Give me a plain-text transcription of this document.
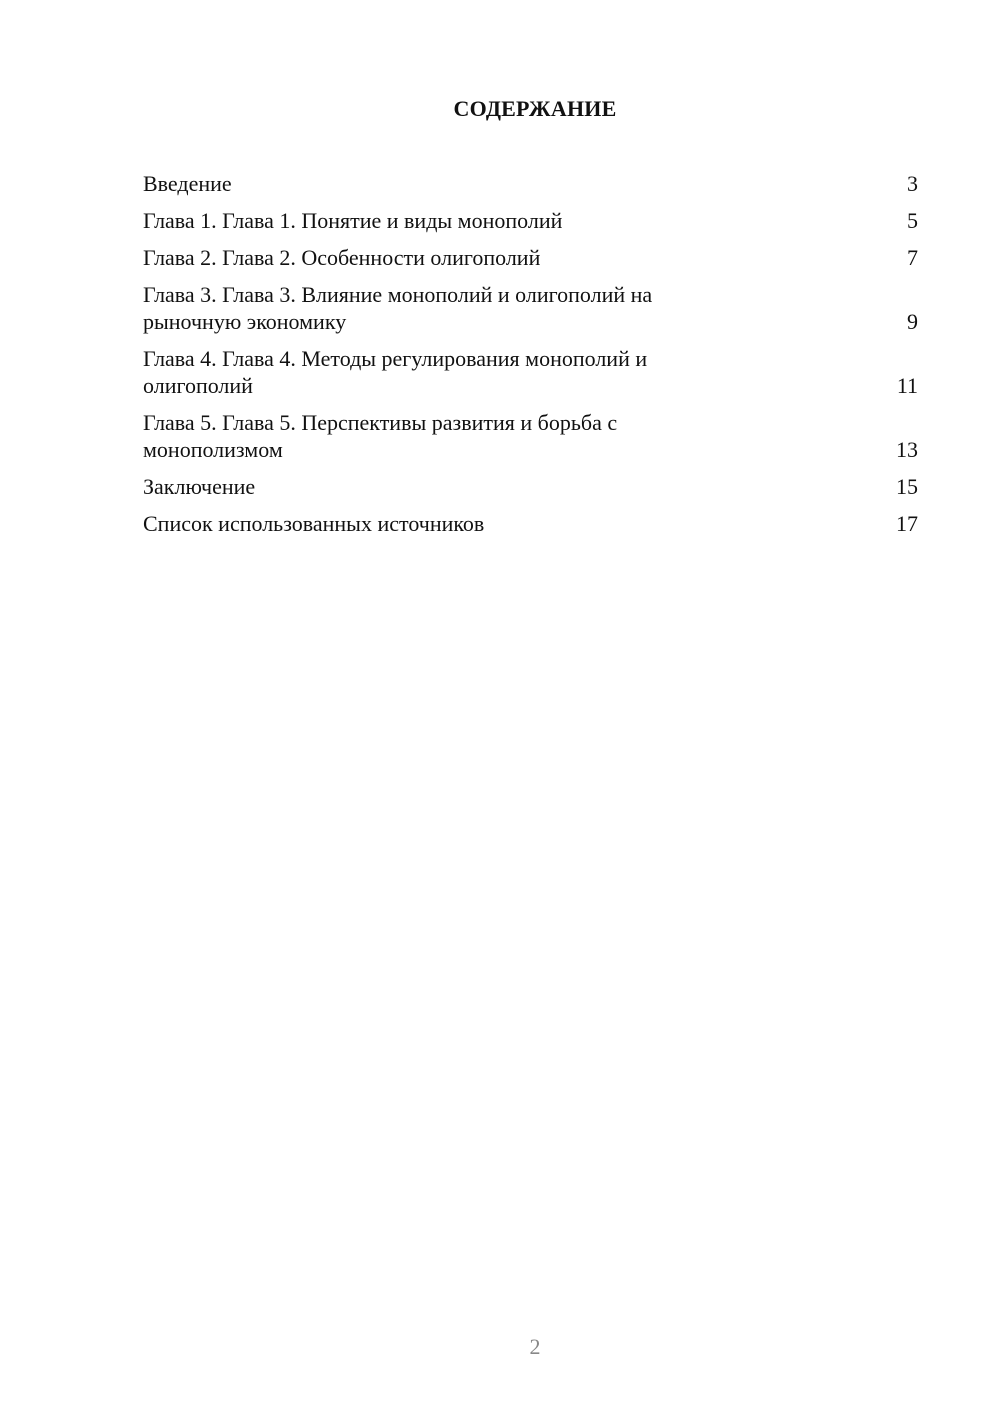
СОДЕРЖАНИЕ
Введение	3
Глава 1. Глава 1. Понятие и виды монополий	5
Глава 2. Глава 2. Особенности олигополий	7
Глава 3. Глава 3. Влияние монополий и олигополий на рыночную экономику	9
Глава 4. Глава 4. Методы регулирования монополий и олигополий	11
Глава 5. Глава 5. Перспективы развития и борьба с монополизмом	13
Заключение	15
Список использованных источников	17
2
